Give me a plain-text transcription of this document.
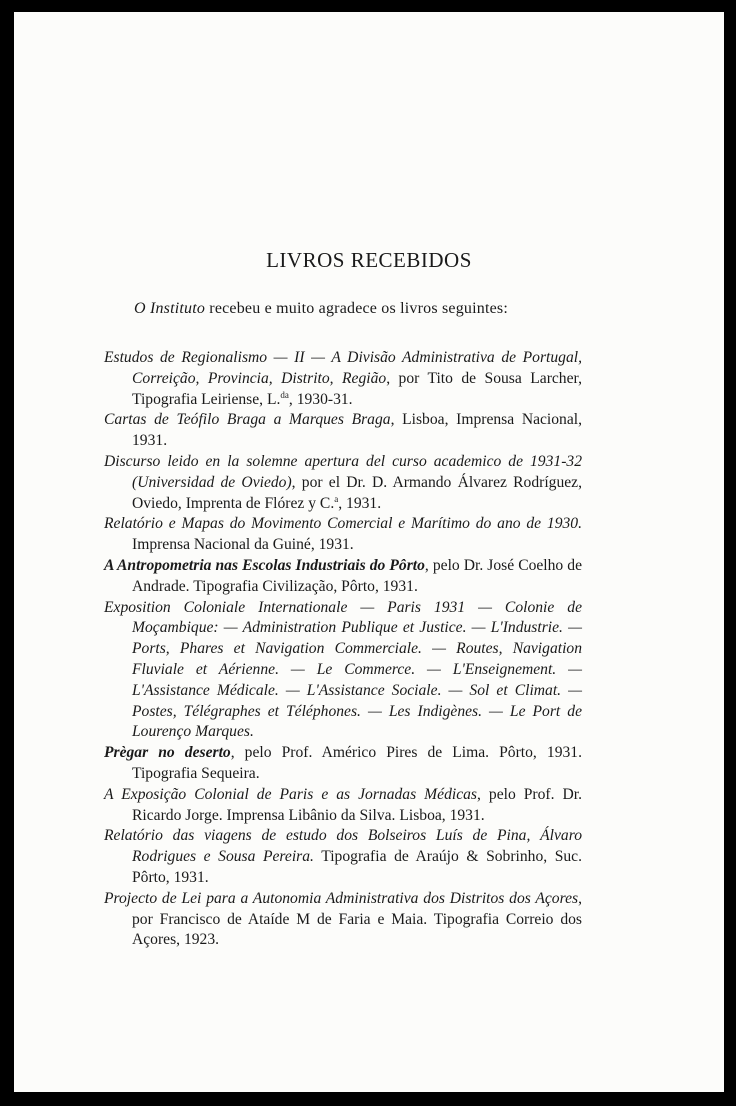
LIVROS RECEBIDOS
O Instituto recebeu e muito agradece os livros seguintes:

Estudos de Regionalismo — II — A Divisão Administrativa de Portugal, Correição, Provincia, Distrito, Região, por Tito de Sousa Larcher, Tipografia Leiriense, L.$^{da}$, 1930-31.

Cartas de Teófilo Braga a Marques Braga, Lisboa, Imprensa Nacional, 1931.

Discurso leido en la solemne apertura del curso academico de 1931-32 (Universidad de Oviedo), por el Dr. D. Armando Álvarez Rodríguez, Oviedo, Imprenta de Flórez y C.$^a$, 1931.

Relatório e Mapas do Movimento Comercial e Marítimo do ano de 1930. Imprensa Nacional da Guiné, 1931.

A Antropometria nas Escolas Industriais do Pôrto, pelo Dr. José Coelho de Andrade. Tipografia Civilização, Pôrto, 1931.

Exposition Coloniale Internationale — Paris 1931 — Colonie de Moçambique: — Administration Publique et Justice. — L'Industrie. — Ports, Phares et Navigation Commerciale. — Routes, Navigation Fluviale et Aérienne. — Le Commerce. — L'Enseignement. — L'Assistance Médicale. — L'Assistance Sociale. — Sol et Climat. — Postes, Télégraphes et Téléphones. — Les Indigènes. — Le Port de Lourenço Marques.

Prègar no deserto, pelo Prof. Américo Pires de Lima. Pôrto, 1931. Tipografia Sequeira.

A Exposição Colonial de Paris e as Jornadas Médicas, pelo Prof. Dr. Ricardo Jorge. Imprensa Libânio da Silva. Lisboa, 1931.

Relatório das viagens de estudo dos Bolseiros Luís de Pina, Álvaro Rodrigues e Sousa Pereira. Tipografia de Araújo & Sobrinho, Suc. Pôrto, 1931.

Projecto de Lei para a Autonomia Administrativa dos Distritos dos Açores, por Francisco de Ataíde M de Faria e Maia. Tipografia Correio dos Açores, 1923.
